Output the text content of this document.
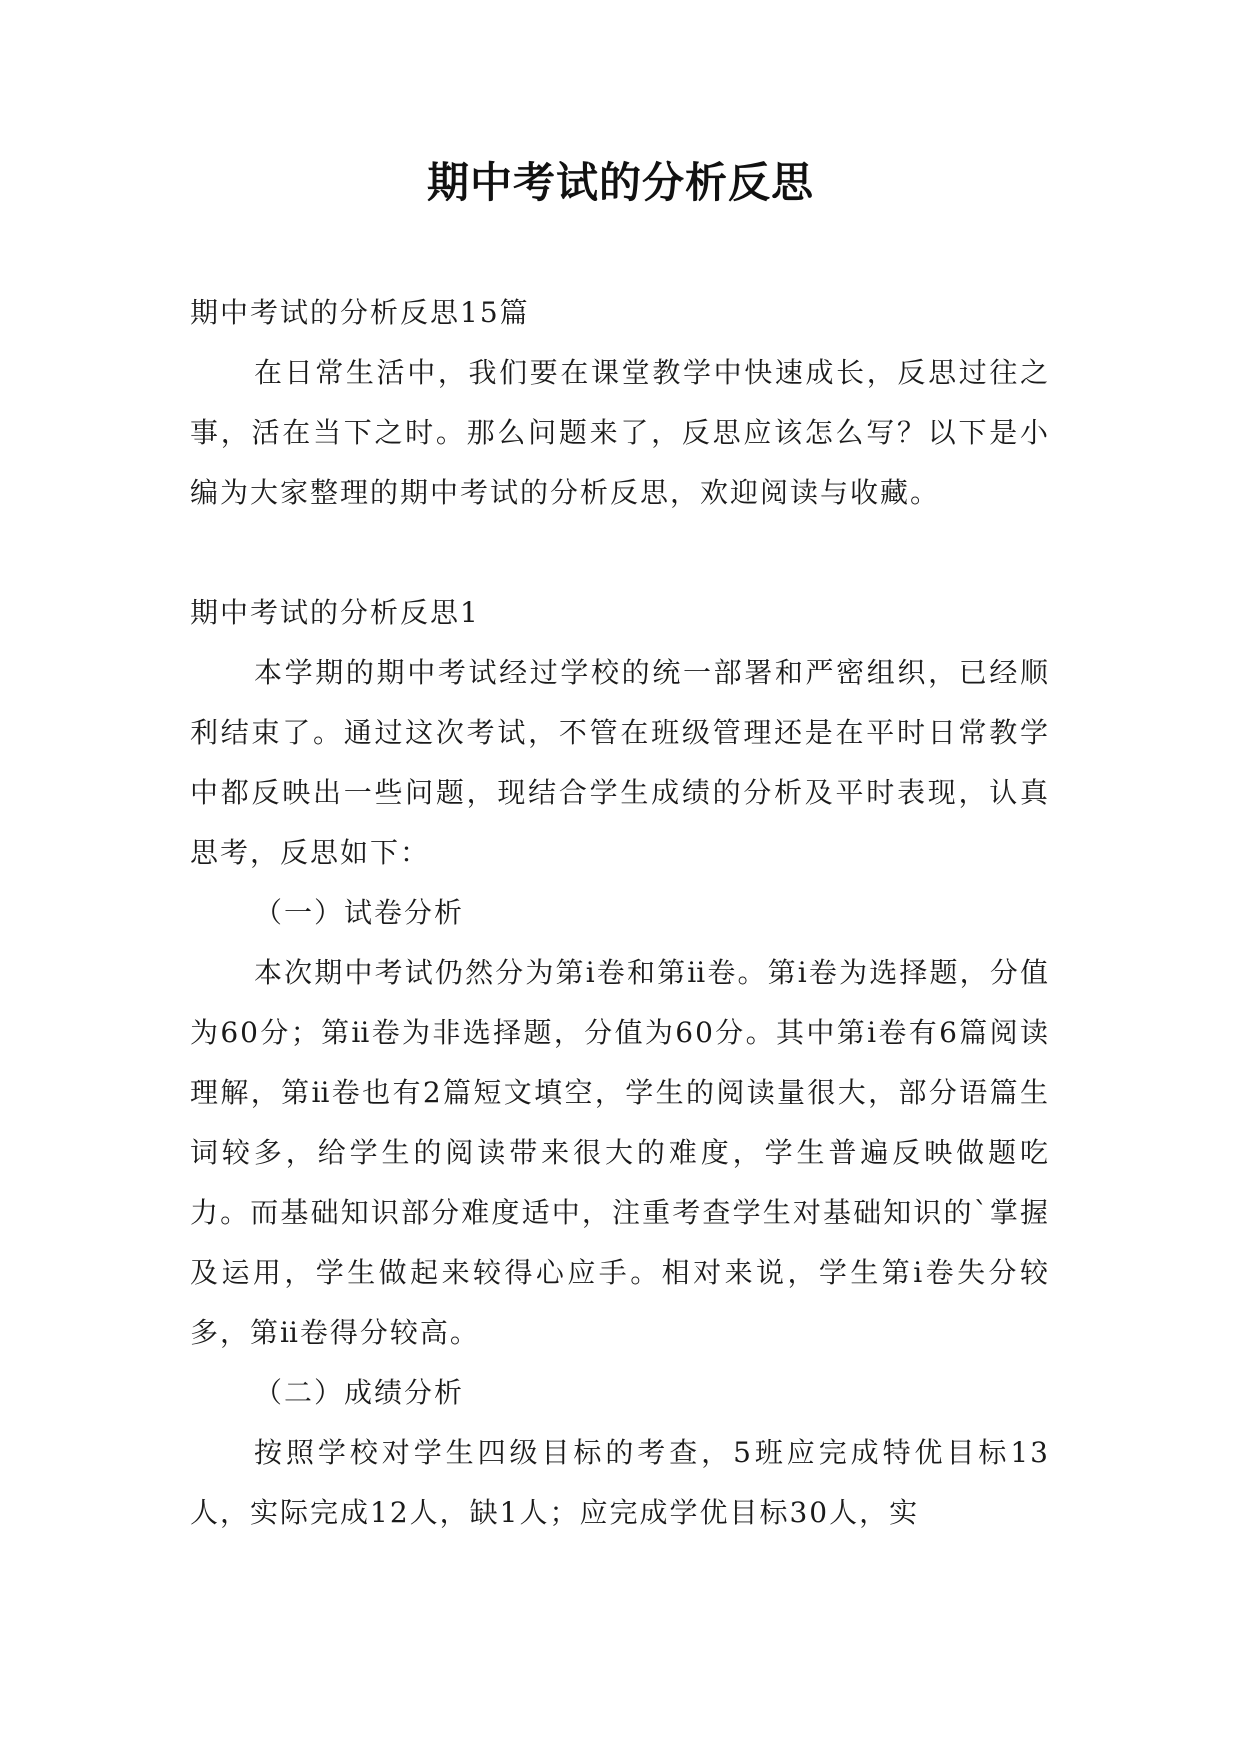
期中考试的分析反思

期中考试的分析反思15篇

在日常生活中，我们要在课堂教学中快速成长，反思过往之事，活在当下之时。那么问题来了，反思应该怎么写？以下是小编为大家整理的期中考试的分析反思，欢迎阅读与收藏。

期中考试的分析反思1

本学期的期中考试经过学校的统一部署和严密组织，已经顺利结束了。通过这次考试，不管在班级管理还是在平时日常教学中都反映出一些问题，现结合学生成绩的分析及平时表现，认真思考，反思如下：

（一）试卷分析

本次期中考试仍然分为第ⅰ卷和第ⅱ卷。第ⅰ卷为选择题，分值为60分；第ⅱ卷为非选择题，分值为60分。其中第ⅰ卷有6篇阅读理解，第ⅱ卷也有2篇短文填空，学生的阅读量很大，部分语篇生词较多，给学生的阅读带来很大的难度，学生普遍反映做题吃力。而基础知识部分难度适中，注重考查学生对基础知识的`掌握及运用，学生做起来较得心应手。相对来说，学生第ⅰ卷失分较多，第ⅱ卷得分较高。

（二）成绩分析

按照学校对学生四级目标的考查，5班应完成特优目标13人，实际完成12人，缺1人；应完成学优目标30人，实
